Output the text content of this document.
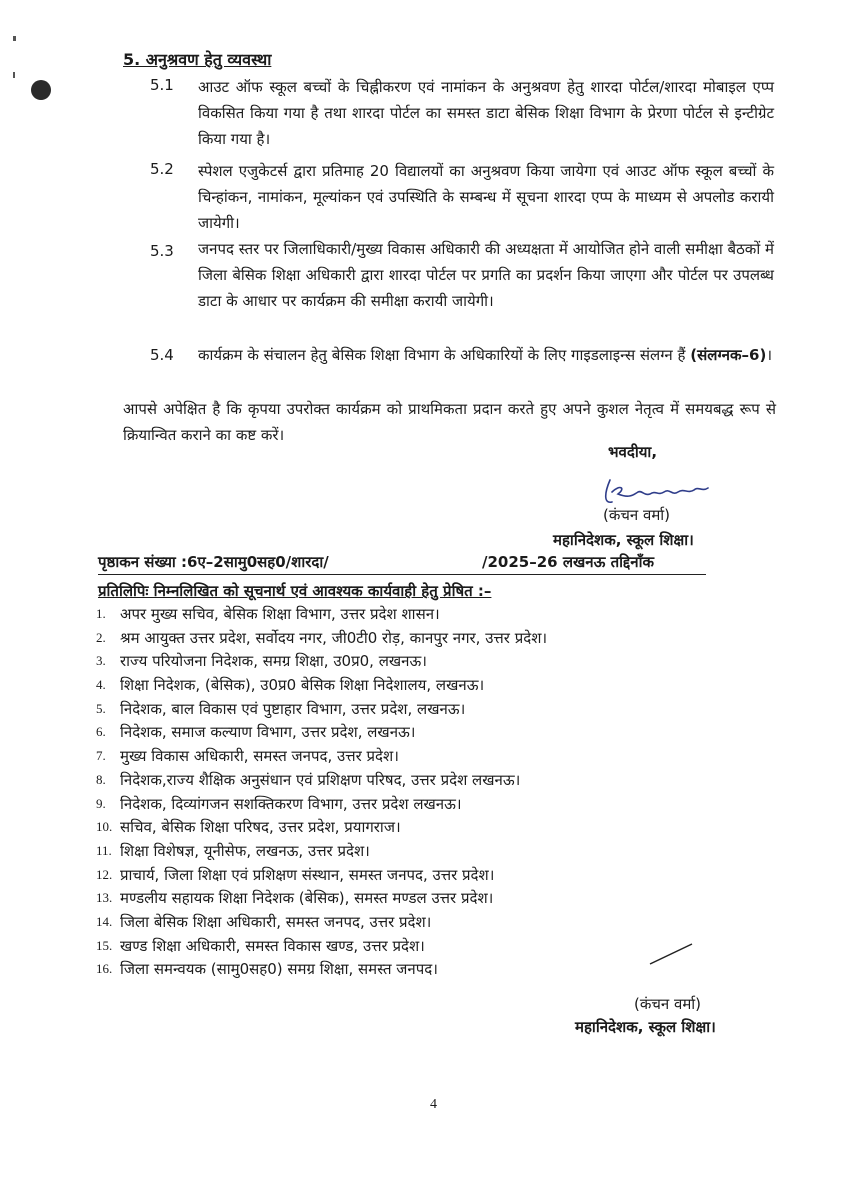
5. अनुश्रवण हेतु व्यवस्था
5.1 आउट ऑफ स्कूल बच्चों के चिह्नीकरण एवं नामांकन के अनुश्रवण हेतु शारदा पोर्टल/शारदा मोबाइल एप्प विकसित किया गया है तथा शारदा पोर्टल का समस्त डाटा बेसिक शिक्षा विभाग के प्रेरणा पोर्टल से इन्टीग्रेट किया गया है।
5.2 स्पेशल एजुकेटर्स द्वारा प्रतिमाह 20 विद्यालयों का अनुश्रवण किया जायेगा एवं आउट ऑफ स्कूल बच्चों के चिन्हांकन, नामांकन, मूल्यांकन एवं उपस्थिति के सम्बन्ध में सूचना शारदा एप्प के माध्यम से अपलोड करायी जायेगी।
5.3 जनपद स्तर पर जिलाधिकारी/मुख्य विकास अधिकारी की अध्यक्षता में आयोजित होने वाली समीक्षा बैठकों में जिला बेसिक शिक्षा अधिकारी द्वारा शारदा पोर्टल पर प्रगति का प्रदर्शन किया जाएगा और पोर्टल पर उपलब्ध डाटा के आधार पर कार्यक्रम की समीक्षा करायी जायेगी।
5.4 कार्यक्रम के संचालन हेतु बेसिक शिक्षा विभाग के अधिकारियों के लिए गाइडलाइन्स संलग्न हैं (संलग्नक–6)।
आपसे अपेक्षित है कि कृपया उपरोक्त कार्यक्रम को प्राथमिकता प्रदान करते हुए अपने कुशल नेतृत्व में समयबद्ध रूप से क्रियान्वित कराने का कष्ट करें।
भवदीया,
(कंचन वर्मा)
महानिदेशक, स्कूल शिक्षा।
पृष्ठाकन संख्या :6ए–2सामु0सह0/शारदा/	/2025–26 लखनऊ तद्दिनॉंक
प्रतिलिपिः निम्नलिखित को सूचनार्थ एवं आवश्यक कार्यवाही हेतु प्रेषित :–
1. अपर मुख्य सचिव, बेसिक शिक्षा विभाग, उत्तर प्रदेश शासन।
2. श्रम आयुक्त उत्तर प्रदेश, सर्वोदय नगर, जी0टी0 रोड़, कानपुर नगर, उत्तर प्रदेश।
3. राज्य परियोजना निदेशक, समग्र शिक्षा, उ0प्र0, लखनऊ।
4. शिक्षा निदेशक, (बेसिक), उ0प्र0 बेसिक शिक्षा निदेशालय, लखनऊ।
5. निदेशक, बाल विकास एवं पुष्टाहार विभाग, उत्तर प्रदेश, लखनऊ।
6. निदेशक, समाज कल्याण विभाग, उत्तर प्रदेश, लखनऊ।
7. मुख्य विकास अधिकारी, समस्त जनपद, उत्तर प्रदेश।
8. निदेशक,राज्य शैक्षिक अनुसंधान एवं प्रशिक्षण परिषद, उत्तर प्रदेश लखनऊ।
9. निदेशक, दिव्यांगजन सशक्तिकरण विभाग, उत्तर प्रदेश लखनऊ।
10. सचिव, बेसिक शिक्षा परिषद, उत्तर प्रदेश, प्रयागराज।
11. शिक्षा विशेषज्ञ, यूनीसेफ, लखनऊ, उत्तर प्रदेश।
12. प्राचार्य, जिला शिक्षा एवं प्रशिक्षण संस्थान, समस्त जनपद, उत्तर प्रदेश।
13. मण्डलीय सहायक शिक्षा निदेशक (बेसिक), समस्त मण्डल उत्तर प्रदेश।
14. जिला बेसिक शिक्षा अधिकारी, समस्त जनपद, उत्तर प्रदेश।
15. खण्ड शिक्षा अधिकारी, समस्त विकास खण्ड, उत्तर प्रदेश।
16. जिला समन्वयक (सामु0सह0) समग्र शिक्षा, समस्त जनपद।
(कंचन वर्मा)
महानिदेशक, स्कूल शिक्षा।
4
